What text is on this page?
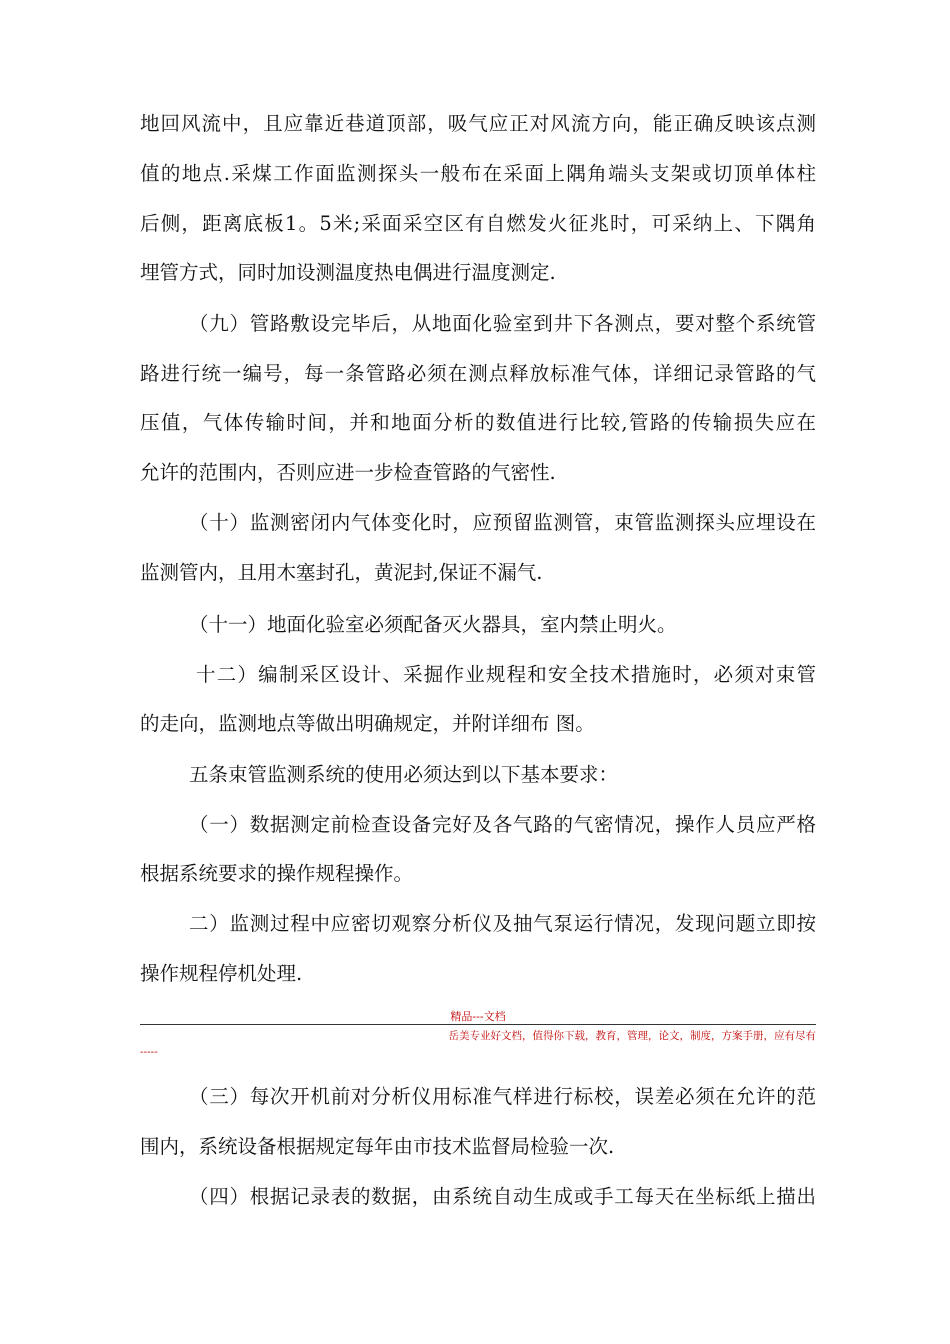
地回风流中，且应靠近巷道顶部，吸气应正对风流方向，能正确反映该点测
值的地点.采煤工作面监测探头一般布在采面上隅角端头支架或切顶单体柱
后侧，距离底板1。5米;采面采空区有自燃发火征兆时，可采纳上、下隅角
埋管方式，同时加设测温度热电偶进行温度测定.
（九）管路敷设完毕后，从地面化验室到井下各测点，要对整个系统管
路进行统一编号，每一条管路必须在测点释放标准气体，详细记录管路的气
压值，气体传输时间，并和地面分析的数值进行比较,管路的传输损失应在
允许的范围内，否则应进一步检查管路的气密性.
（十）监测密闭内气体变化时，应预留监测管，束管监测探头应埋设在
监测管内，且用木塞封孔，黄泥封,保证不漏气.
（十一）地面化验室必须配备灭火器具，室内禁止明火。
十二）编制采区设计、采掘作业规程和安全技术措施时，必须对束管
的走向，监测地点等做出明确规定，并附详细布 图。
五条束管监测系统的使用必须达到以下基本要求：
（一）数据测定前检查设备完好及各气路的气密情况，操作人员应严格
根据系统要求的操作规程操作。
二）监测过程中应密切观察分析仪及抽气泵运行情况，发现问题立即按
操作规程停机处理.
精品---文档
岳美专业好文档，值得你下载，教育，管理，论文，制度，方案手册，应有尽有
-----
（三）每次开机前对分析仪用标准气样进行标校，误差必须在允许的范
围内，系统设备根据规定每年由市技术监督局检验一次.
（四）根据记录表的数据，由系统自动生成或手工每天在坐标纸上描出
